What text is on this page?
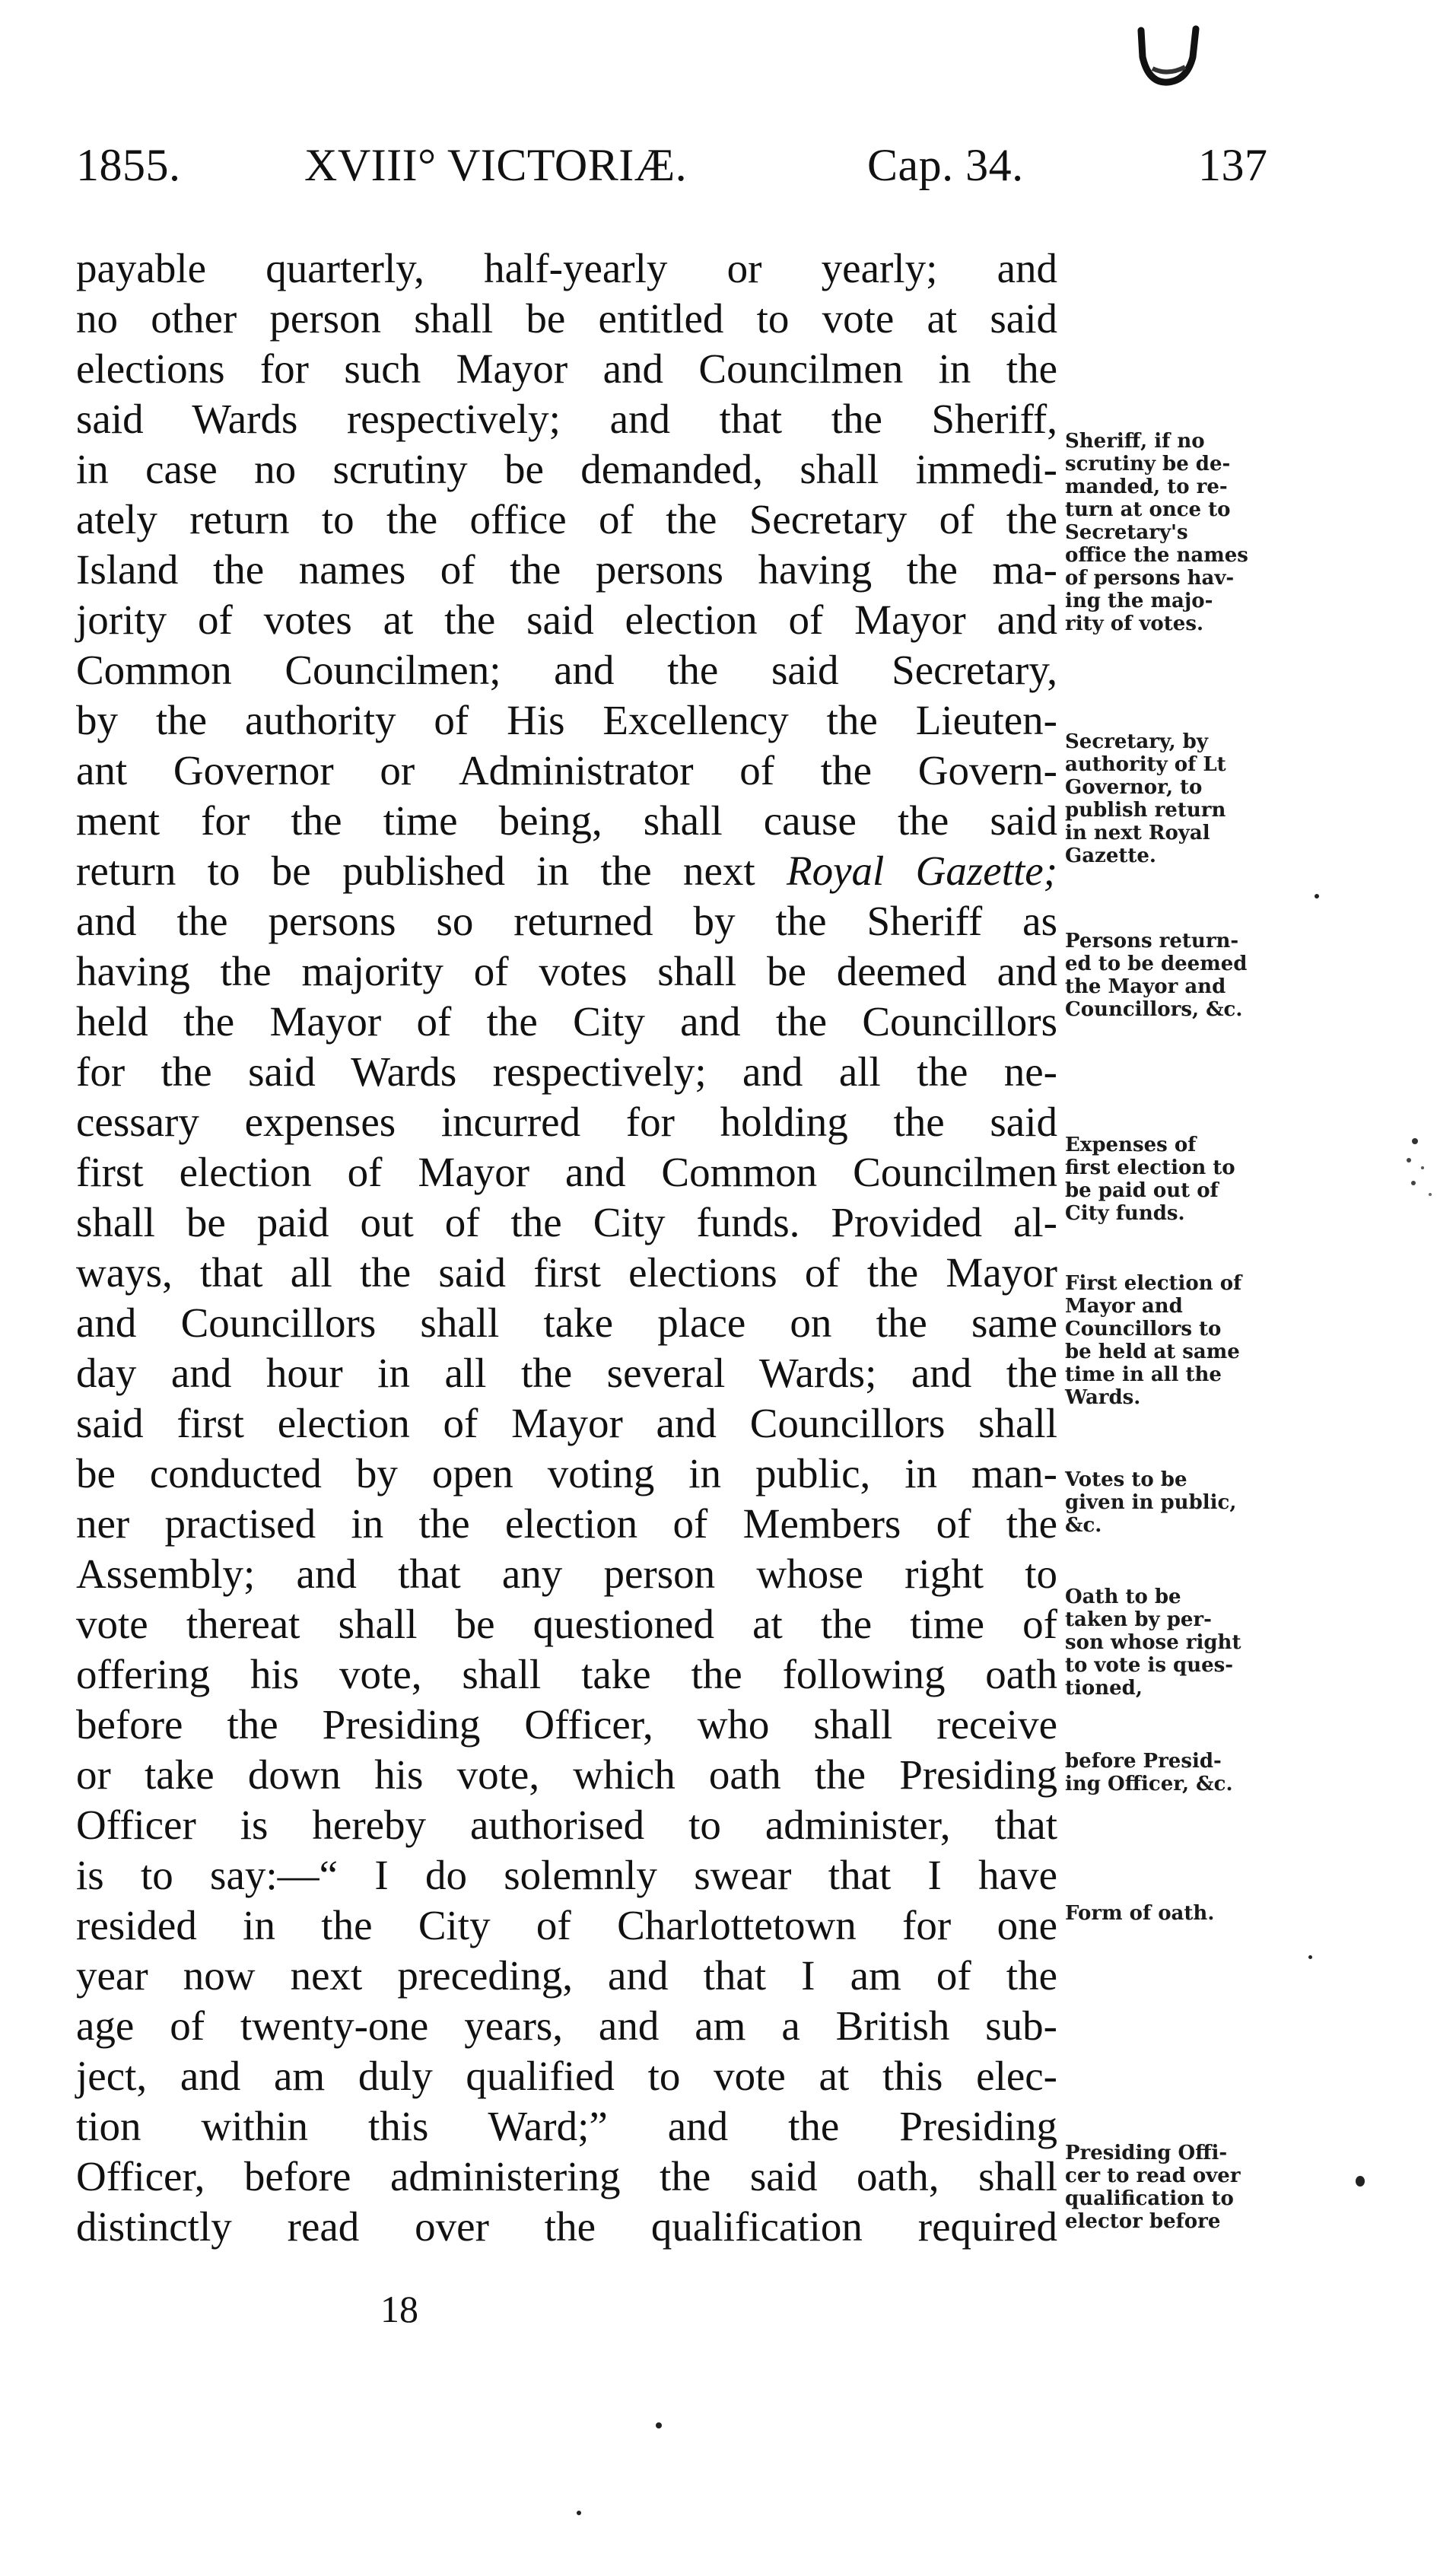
1855.	XVIII° VICTORIÆ.	Cap. 34.	137
payable quarterly, half-yearly or yearly; and
no other person shall be entitled to vote at said
elections for such Mayor and Councilmen in the
said Wards respectively; and that the Sheriff,
in case no scrutiny be demanded, shall immedi-
ately return to the office of the Secretary of the
Island the names of the persons having the ma-
jority of votes at the said election of Mayor and
Common Councilmen; and the said Secretary,
by the authority of His Excellency the Lieuten-
ant Governor or Administrator of the Govern-
ment for the time being, shall cause the said
return to be published in the next Royal Gazette;
and the persons so returned by the Sheriff as
having the majority of votes shall be deemed and
held the Mayor of the City and the Councillors
for the said Wards respectively; and all the ne-
cessary expenses incurred for holding the said
first election of Mayor and Common Councilmen
shall be paid out of the City funds. Provided al-
ways, that all the said first elections of the Mayor
and Councillors shall take place on the same
day and hour in all the several Wards; and the
said first election of Mayor and Councillors shall
be conducted by open voting in public, in man-
ner practised in the election of Members of the
Assembly; and that any person whose right to
vote thereat shall be questioned at the time of
offering his vote, shall take the following oath
before the Presiding Officer, who shall receive
or take down his vote, which oath the Presiding
Officer is hereby authorised to administer, that
is to say:—“ I do solemnly swear that I have
resided in the City of Charlottetown for one
year now next preceding, and that I am of the
age of twenty-one years, and am a British sub-
ject, and am duly qualified to vote at this elec-
tion within this Ward;” and the Presiding
Officer, before administering the said oath, shall
distinctly read over the qualification required
Sheriff, if no
scrutiny be de-
manded, to re-
turn at once to
Secretary's
office the names
of persons hav-
ing the majo-
rity of votes.
Secretary, by
authority of Lt
Governor, to
publish return
in next Royal
Gazette.
Persons return-
ed to be deemed
the Mayor and
Councillors, &c.
Expenses of
first election to
be paid out of
City funds.
First election of
Mayor and
Councillors to
be held at same
time in all the
Wards.
Votes to be
given in public,
&c.
Oath to be
taken by per-
son whose right
to vote is ques-
tioned,
before Presid-
ing Officer, &c.
Form of oath.
Presiding Offi-
cer to read over
qualification to
elector before
18
